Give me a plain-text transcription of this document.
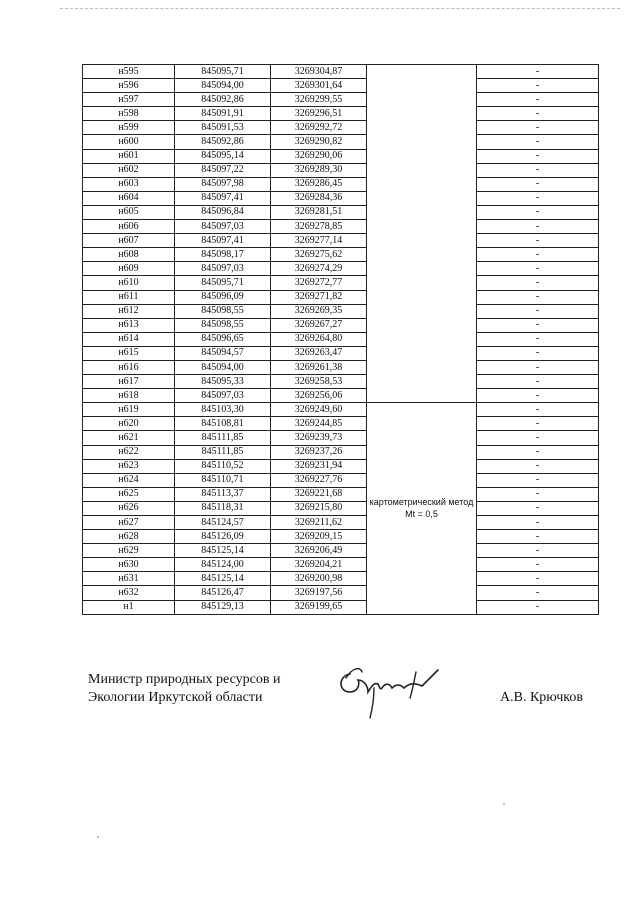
н595	845095,71	3269304,87		-
н596	845094,00	3269301,64		-
н597	845092,86	3269299,55		-
н598	845091,91	3269296,51		-
н599	845091,53	3269292,72		-
н600	845092,86	3269290,82		-
н601	845095,14	3269290,06		-
н602	845097,22	3269289,30		-
н603	845097,98	3269286,45		-
н604	845097,41	3269284,36		-
н605	845096,84	3269281,51		-
н606	845097,03	3269278,85		-
н607	845097,41	3269277,14		-
н608	845098,17	3269275,62		-
н609	845097,03	3269274,29		-
н610	845095,71	3269272,77		-
н611	845096,09	3269271,82		-
н612	845098,55	3269269,35		-
н613	845098,55	3269267,27		-
н614	845096,65	3269264,80		-
н615	845094,57	3269263,47		-
н616	845094,00	3269261,38		-
н617	845095,33	3269258,53		-
н618	845097,03	3269256,06		-
н619	845103,30	3269249,60	картометрический метод Mt = 0,5	-
н620	845108,81	3269244,85		-
н621	845111,85	3269239,73		-
н622	845111,85	3269237,26		-
н623	845110,52	3269231,94		-
н624	845110,71	3269227,76		-
н625	845113,37	3269221,68		-
н626	845118,31	3269215,80		-
н627	845124,57	3269211,62		-
н628	845126,09	3269209,15		-
н629	845125,14	3269206,49		-
н630	845124,00	3269204,21		-
н631	845125,14	3269200,98		-
н632	845126,47	3269197,56		-
н1	845129,13	3269199,65		-
Министр природных ресурсов и
Экологии Иркутской области	А.В. Крючков
